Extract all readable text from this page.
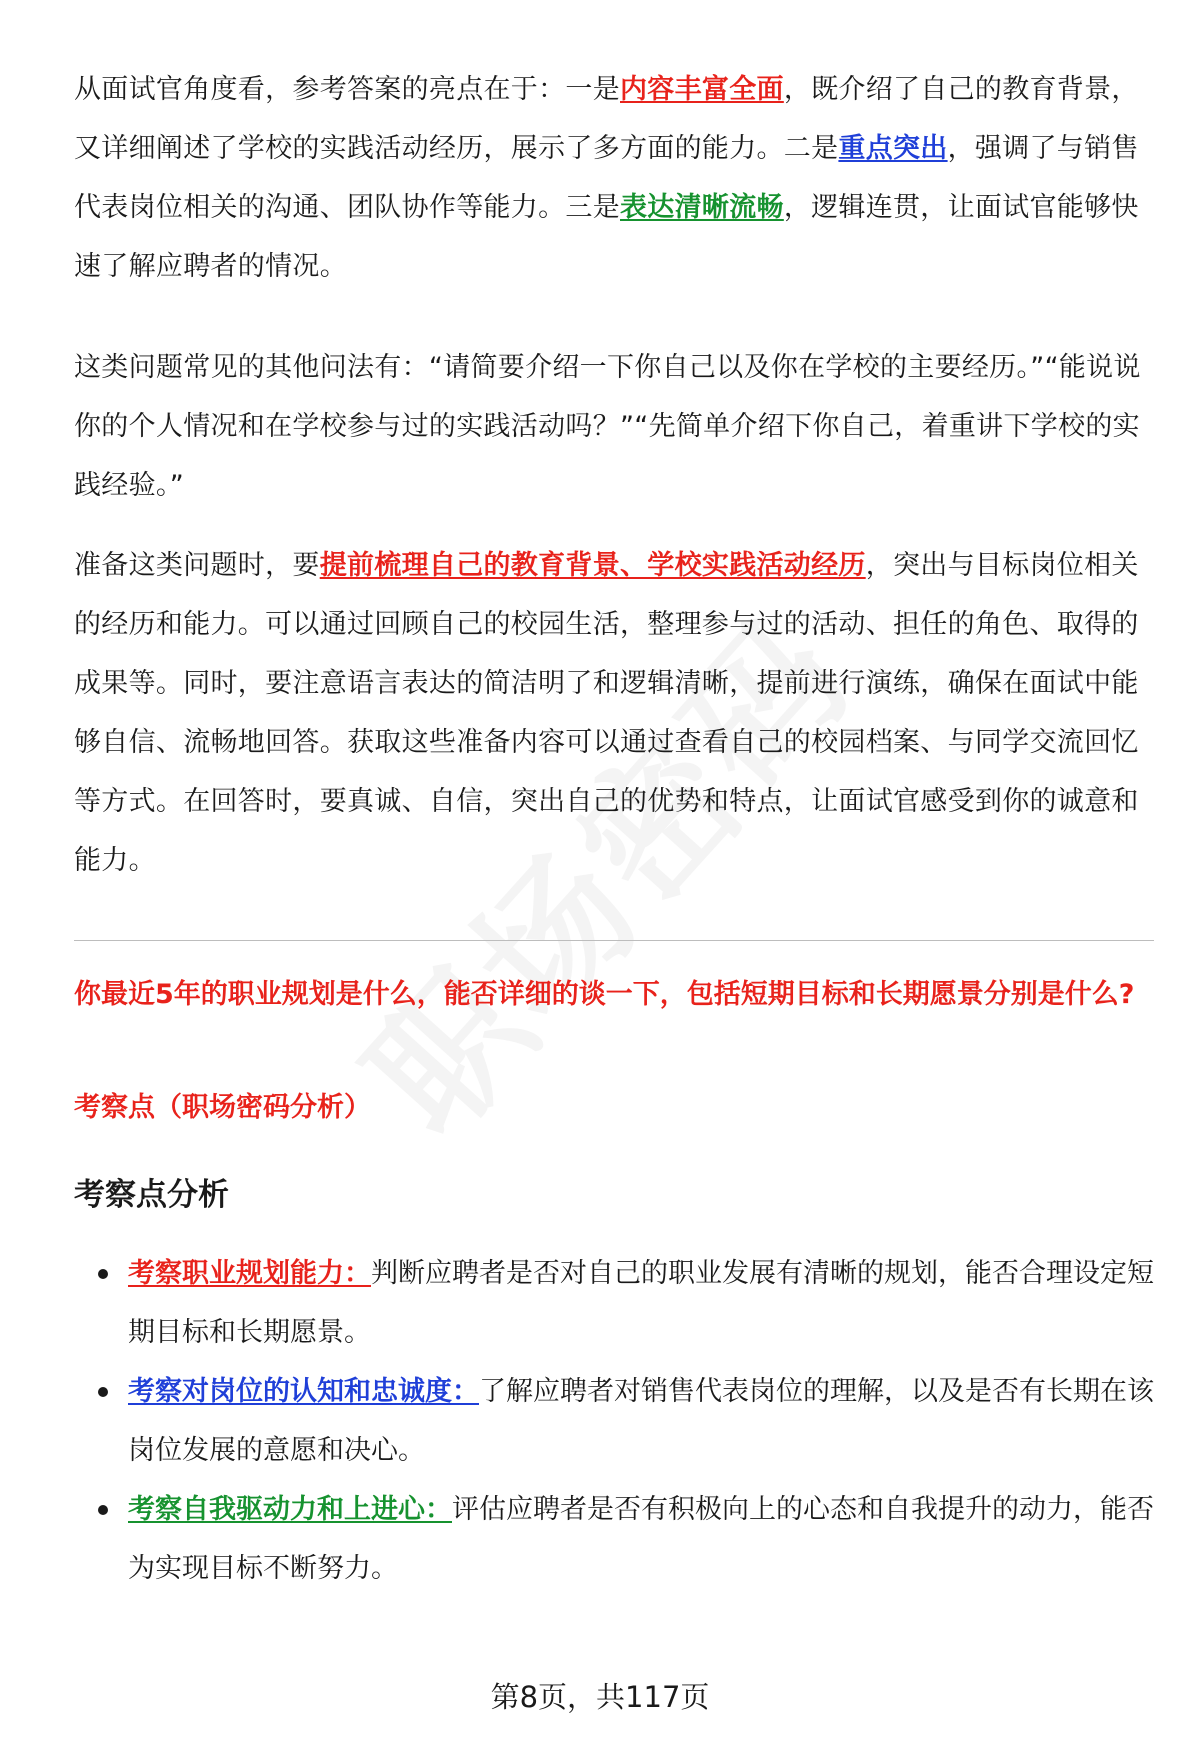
从面试官角度看，参考答案的亮点在于：一是内容丰富全面，既介绍了自己的教育背景，又详细阐述了学校的实践活动经历，展示了多方面的能力。二是重点突出，强调了与销售代表岗位相关的沟通、团队协作等能力。三是表达清晰流畅，逻辑连贯，让面试官能够快速了解应聘者的情况。

这类问题常见的其他问法有：“请简要介绍一下你自己以及你在学校的主要经历。”“能说说你的个人情况和在学校参与过的实践活动吗？”“先简单介绍下你自己，着重讲下学校的实践经验。”

准备这类问题时，要提前梳理自己的教育背景、学校实践活动经历，突出与目标岗位相关的经历和能力。可以通过回顾自己的校园生活，整理参与过的活动、担任的角色、取得的成果等。同时，要注意语言表达的简洁明了和逻辑清晰，提前进行演练，确保在面试中能够自信、流畅地回答。获取这些准备内容可以通过查看自己的校园档案、与同学交流回忆等方式。在回答时，要真诚、自信，突出自己的优势和特点，让面试官感受到你的诚意和能力。

你最近5年的职业规划是什么，能否详细的谈一下，包括短期目标和长期愿景分别是什么?

考察点（职场密码分析）

考察点分析
考察职业规划能力：判断应聘者是否对自己的职业发展有清晰的规划，能否合理设定短期目标和长期愿景。
考察对岗位的认知和忠诚度：了解应聘者对销售代表岗位的理解，以及是否有长期在该岗位发展的意愿和决心。
考察自我驱动力和上进心：评估应聘者是否有积极向上的心态和自我提升的动力，能否为实现目标不断努力。

第8页，共117页
